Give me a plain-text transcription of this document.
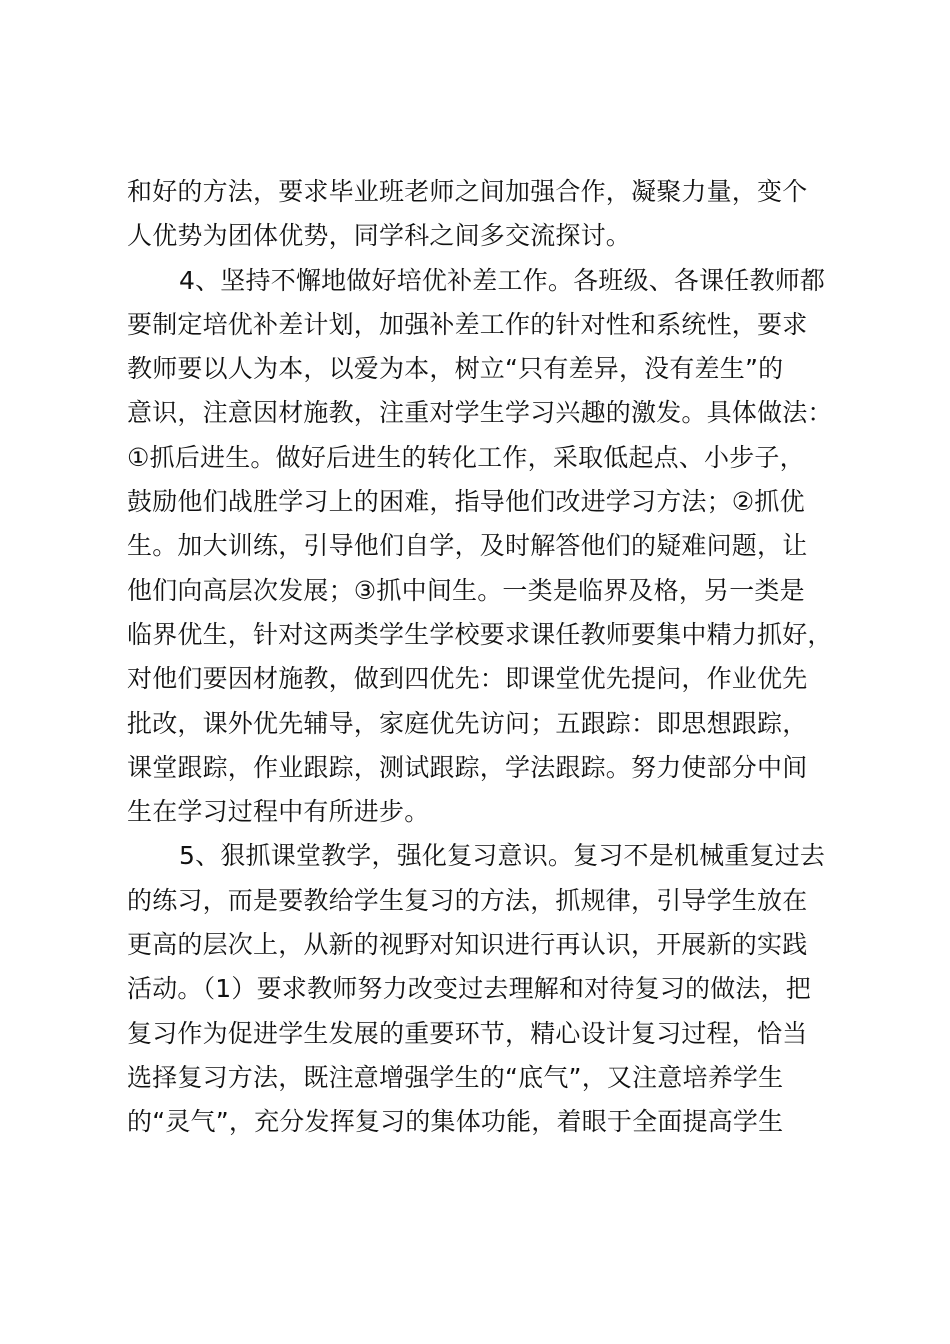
和好的方法，要求毕业班老师之间加强合作，凝聚力量，变个
人优势为团体优势，同学科之间多交流探讨。
4、坚持不懈地做好培优补差工作。各班级、各课任教师都
要制定培优补差计划，加强补差工作的针对性和系统性，要求
教师要以人为本，以爱为本，树立“只有差异，没有差生”的
意识，注意因材施教，注重对学生学习兴趣的激发。具体做法：
①抓后进生。做好后进生的转化工作，采取低起点、小步子，
鼓励他们战胜学习上的困难，指导他们改进学习方法；②抓优
生。加大训练，引导他们自学，及时解答他们的疑难问题，让
他们向高层次发展；③抓中间生。一类是临界及格，另一类是
临界优生，针对这两类学生学校要求课任教师要集中精力抓好，
对他们要因材施教，做到四优先：即课堂优先提问，作业优先
批改，课外优先辅导，家庭优先访问；五跟踪：即思想跟踪，
课堂跟踪，作业跟踪，测试跟踪，学法跟踪。努力使部分中间
生在学习过程中有所进步。
5、狠抓课堂教学，强化复习意识。复习不是机械重复过去
的练习，而是要教给学生复习的方法，抓规律，引导学生放在
更高的层次上，从新的视野对知识进行再认识，开展新的实践
活动。（1）要求教师努力改变过去理解和对待复习的做法，把
复习作为促进学生发展的重要环节，精心设计复习过程，恰当
选择复习方法，既注意增强学生的“底气”，又注意培养学生
的“灵气”，充分发挥复习的集体功能，着眼于全面提高学生
